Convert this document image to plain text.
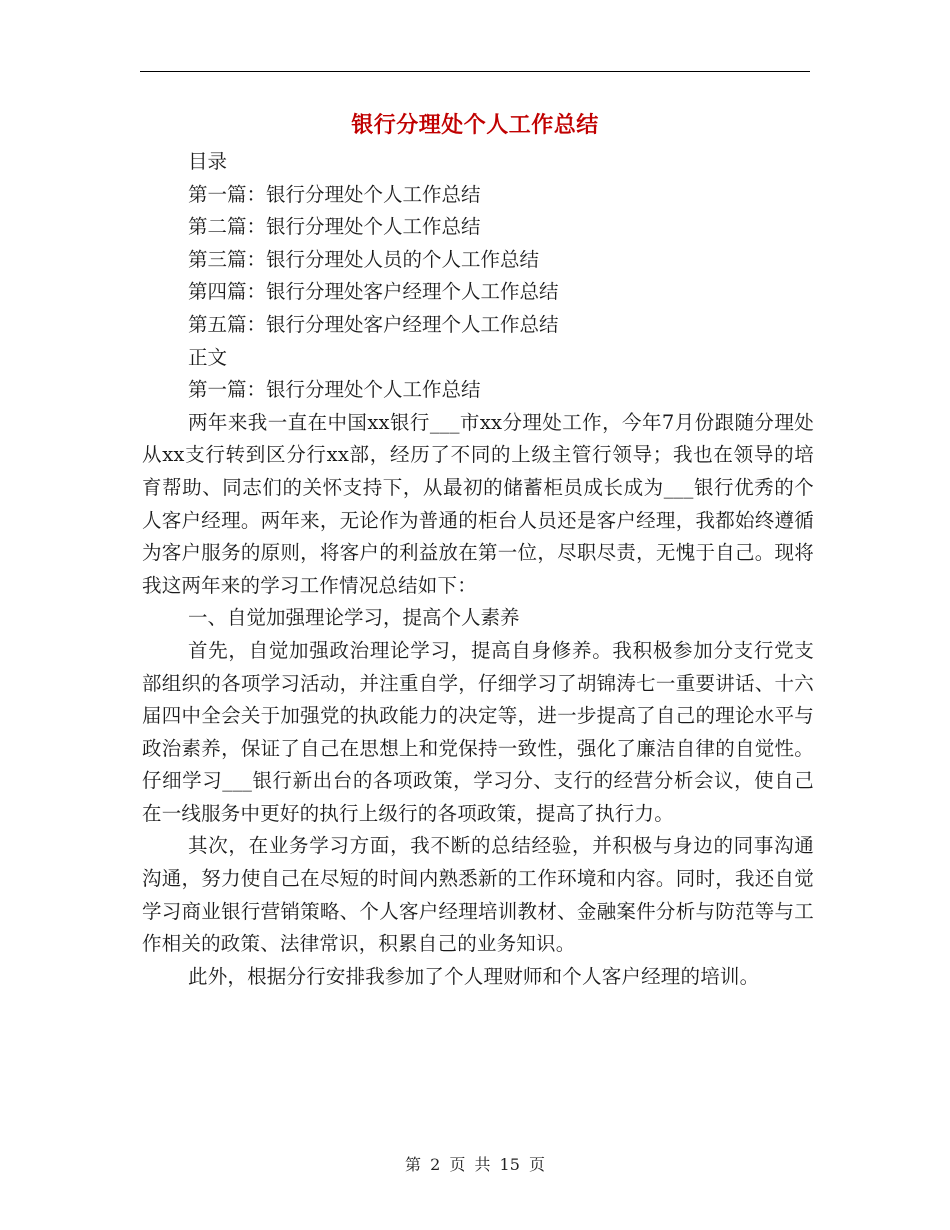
银行分理处个人工作总结

目录

第一篇：银行分理处个人工作总结

第二篇：银行分理处个人工作总结

第三篇：银行分理处人员的个人工作总结

第四篇：银行分理处客户经理个人工作总结

第五篇：银行分理处客户经理个人工作总结

正文

第一篇：银行分理处个人工作总结

两年来我一直在中国xx银行___市xx分理处工作，今年7月份跟随分理处从xx支行转到区分行xx部，经历了不同的上级主管行领导；我也在领导的培育帮助、同志们的关怀支持下，从最初的储蓄柜员成长成为___银行优秀的个人客户经理。两年来，无论作为普通的柜台人员还是客户经理，我都始终遵循为客户服务的原则，将客户的利益放在第一位，尽职尽责，无愧于自己。现将我这两年来的学习工作情况总结如下：

一、自觉加强理论学习，提高个人素养

首先，自觉加强政治理论学习，提高自身修养。我积极参加分支行党支部组织的各项学习活动，并注重自学，仔细学习了胡锦涛七一重要讲话、十六届四中全会关于加强党的执政能力的决定等，进一步提高了自己的理论水平与政治素养，保证了自己在思想上和党保持一致性，强化了廉洁自律的自觉性。仔细学习___银行新出台的各项政策，学习分、支行的经营分析会议，使自己在一线服务中更好的执行上级行的各项政策，提高了执行力。

其次，在业务学习方面，我不断的总结经验，并积极与身边的同事沟通沟通，努力使自己在尽短的时间内熟悉新的工作环境和内容。同时，我还自觉学习商业银行营销策略、个人客户经理培训教材、金融案件分析与防范等与工作相关的政策、法律常识，积累自己的业务知识。

此外，根据分行安排我参加了个人理财师和个人客户经理的培训。

第 2 页 共 15 页
